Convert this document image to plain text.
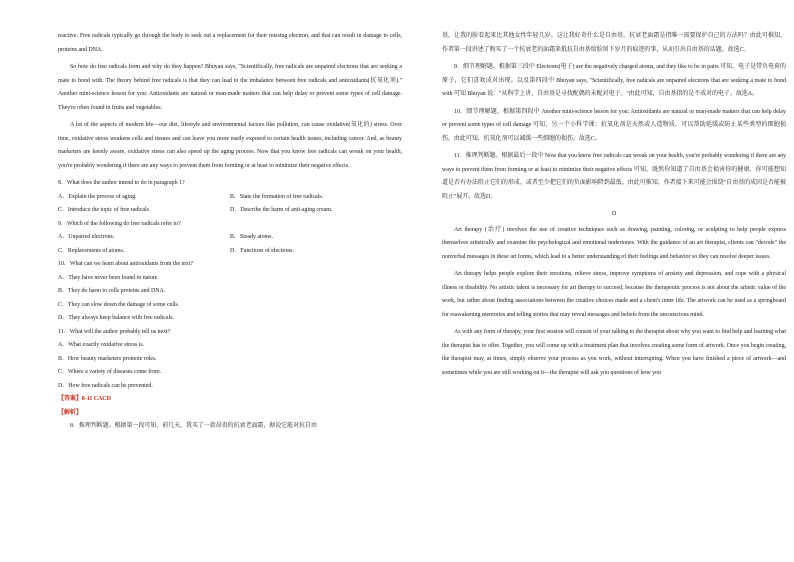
reactive. Free radicals typically go through the body to seek out a replacement for their missing electron, and that can result in damage to cells, proteins and DNA.

So how do free radicals form and why do they happen? Bhuyan says, "Scientifically, free radicals are unpaired electrons that are seeking a mate to bond with. The theory behind free radicals is that they can lead to the imbalance between free radicals and antioxidants(抗氧化剂)." Another mini-science lesson for you: Antioxidants are natural or man-made matters that can help delay or prevent some types of cell damage. They're often found in fruits and vegetables.

A lot of the aspects of modern life—our diet, lifestyle and environmental factors like pollution, can cause oxidative(氧化的) stress. Over time, oxidative stress weakens cells and tissues and can leave you more easily exposed to certain health issues, including cancer. And, as beauty marketers are keenly aware, oxidative stress can also speed up the aging process. Now that you know free radicals can wreak on your health, you're probably wondering if there are any ways to prevent them from forming or at least to minimize their negative effects.

8．What does the author intend to do in paragraph 1?
A．Explain the process of aging.	B．State the formation of free radicals.
C．Introduce the topic of free radicals	D．Describe the harm of anti-aging cream.
9．Which of the following do free radicals refer to?
A．Unpaired electrons.	B．Steady atoms.
C．Replacements of atoms.	D．Functions of electrons.
10．What can we learn about antioxidants from the text?
A．They have never been found in nature.
B．They do harm to cells proteins and DNA.
C．They can slow down the damage of some cells.
D．They always keep balance with free radicals.
11．What will the author probably tell us next?
A．What exactly oxidative stress is.
B．How beauty marketers promote roles.
C．Where a variety of diseases come from.
D．How free radicals can be prevented.
【答案】8-11 CACD
【解析】

8．推理判断题。根据第一段可知，前几天，我买了一款昂贵的抗衰老面霜，据说它能对抗自由

基，让我的脸看起来比其他女性年轻几岁。这让我好奇什么是自由基。抗衰老面霜是指唯一需要保护自己的方法吗？由此可推知，作者第一段讲述了购买了一个抗衰老的面霜来抵抗自由基给脸留下岁月的痕迹的事，从而引出自由基的话题。故选C。

9．细节理解题。根据第三段中 Electrons(电子) are the negatively charged atoms, and they like to be in pairs 可知，电子是带负电荷的原子，它们喜欢成对出现。以及第四段中 Bhuyan says, "Scientifically, free radicals are unpaired electrons that are seeking a mate to bond with 可知 Bhuyan 说："从科学上讲，自由基是寻找配偶的未配对电子。"由此可知，自由基指的是不成对的电子。故选A。

10．细节理解题。根据第四段中 Another mini-science lesson for you: Antioxidants are natural or man-made matters that can help delay or prevent some types of cell damage 可知，另一个小科学课：抗氧化剂是天然或人造物质，可以帮助延缓或防止某些类型的细胞损伤。由此可知，抗氧化剂可以减缓一些细胞的损伤。故选C。

11．推理判断题。根据最后一段中 Now that you know free radicals can wreak on your health, you're probably wondering if there are any ways to prevent them from forming or at least to minimize their negative effects 可知，既然你知道了自由基会损害你的健康，你可能想知道是否有办法阻止它们的形成，或者至少把它们的负面影响降到最低。由此可推知，作者接下来可能会围绕"自由基的成因是否能被阻止"展开。故选D。

D

Art therapy (治疗) involves the use of creative techniques such as drawing, painting, coloring, or sculpting to help people express themselves artistically and examine the psychological and emotional undertones. With the guidance of an art therapist, clients can "decode" the nonverbal messages in these art forms, which lead to a better understanding of their feelings and behavior so they can resolve deeper issues.

Art therapy helps people explore their emotions, relieve stress, improve symptoms of anxiety and depression, and cope with a physical illness or disability. No artistic talent is necessary for art therapy to succeed, because the therapeutic process is not about the artistic value of the work, but rather about finding associations between the creative choices made and a client's inner life. The artwork can be used as a springboard for reawakening memories and telling stories that may reveal messages and beliefs from the unconscious mind.

As with any form of therapy, your first session will consist of your talking to the therapist about why you want to find help and learning what the therapist has to offer. Together, you will come up with a treatment plan that involves creating some form of artwork. Once you begin creating, the therapist may, at times, simply observe your process as you work, without interrupting. When you have finished a piece of artwork—and sometimes while you are still working on it—the therapist will ask you questions of how you
